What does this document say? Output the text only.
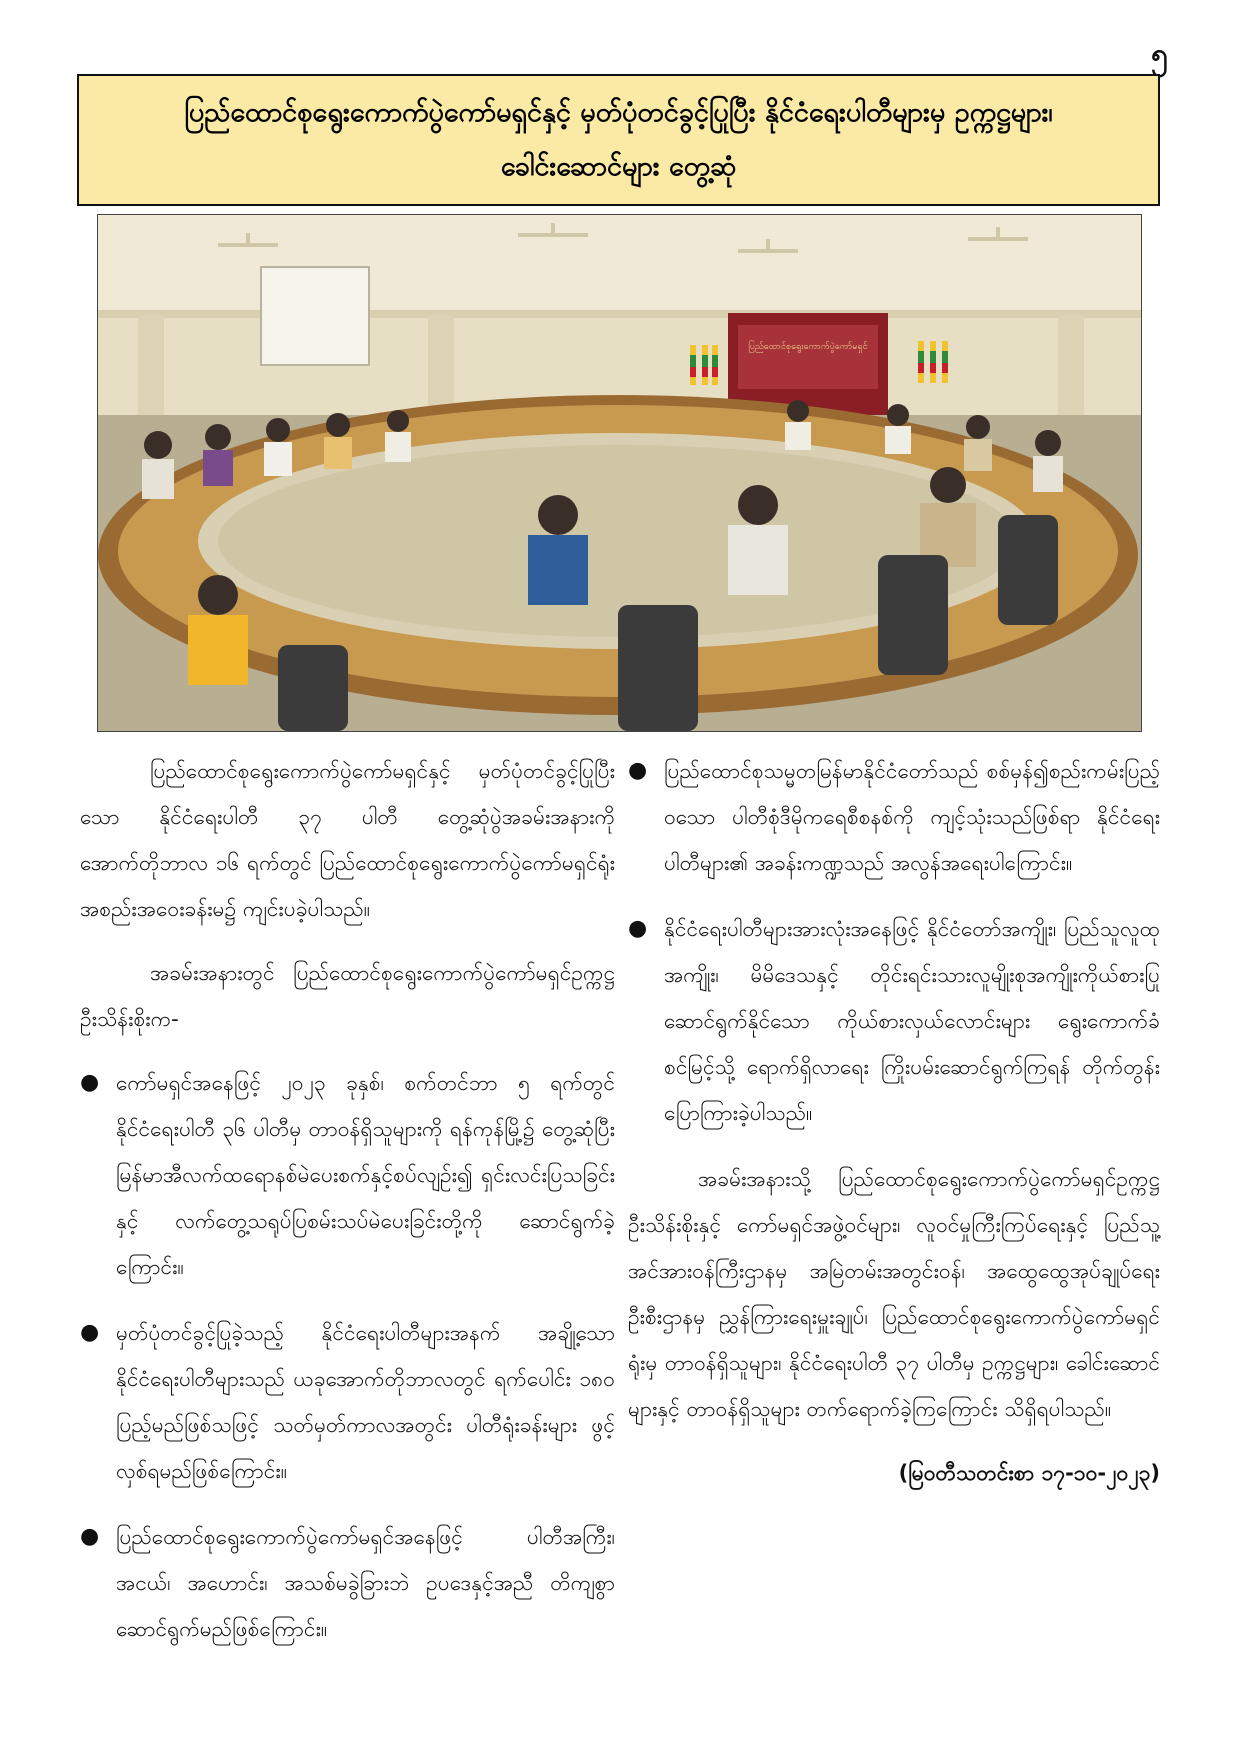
၅
ပြည်ထောင်စုရွေးကောက်ပွဲကော်မရှင်နှင့် မှတ်ပုံတင်ခွင့်ပြုပြီး နိုင်ငံရေးပါတီများမှ ဥက္ကဋ္ဌများ၊
ခေါင်းဆောင်များ တွေ့ဆုံ
ပြည်ထောင်စုရွေးကောက်ပွဲကော်မရှင်

ပြည်ထောင်စုရွေးကောက်ပွဲကော်မရှင်နှင့် မှတ်ပုံတင်ခွင့်ပြုပြီးသော နိုင်ငံရေးပါတီ ၃၇ ပါတီ တွေ့ဆုံပွဲအခမ်းအနားကို အောက်တိုဘာလ ၁၆ ရက်တွင် ပြည်ထောင်စုရွေးကောက်ပွဲကော်မရှင်ရုံး အစည်းအဝေးခန်းမ၌ ကျင်းပခဲ့ပါသည်။

အခမ်းအနားတွင် ပြည်ထောင်စုရွေးကောက်ပွဲကော်မရှင်ဥက္ကဋ္ဌ ဦးသိန်းစိုးက-

● ကော်မရှင်အနေဖြင့် ၂၀၂၃ ခုနှစ်၊ စက်တင်ဘာ ၅ ရက်တွင် နိုင်ငံရေးပါတီ ၃၆ ပါတီမှ တာဝန်ရှိသူများကို ရန်ကုန်မြို့၌ တွေ့ဆုံပြီး မြန်မာအီလက်ထရောနစ်မဲပေးစက်နှင့်စပ်လျဉ်း၍ ရှင်းလင်းပြသခြင်းနှင့် လက်တွေ့သရုပ်ပြစမ်းသပ်မဲပေးခြင်းတို့ကို ဆောင်ရွက်ခဲ့ကြောင်း။
● မှတ်ပုံတင်ခွင့်ပြုခဲ့သည့် နိုင်ငံရေးပါတီများအနက် အချို့သော နိုင်ငံရေးပါတီများသည် ယခုအောက်တိုဘာလတွင် ရက်ပေါင်း ၁၈၀ ပြည့်မည်ဖြစ်သဖြင့် သတ်မှတ်ကာလအတွင်း ပါတီရုံးခန်းများ ဖွင့်လှစ်ရမည်ဖြစ်ကြောင်း။
● ပြည်ထောင်စုရွေးကောက်ပွဲကော်မရှင်အနေဖြင့် ပါတီအကြီး၊ အငယ်၊ အဟောင်း၊ အသစ်မခွဲခြားဘဲ ဥပဒေနှင့်အညီ တိကျစွာ ဆောင်ရွက်မည်ဖြစ်ကြောင်း။
● ပြည်ထောင်စုသမ္မတမြန်မာနိုင်ငံတော်သည် စစ်မှန်၍စည်းကမ်းပြည့်ဝသော ပါတီစုံဒီမိုကရေစီစနစ်ကို ကျင့်သုံးသည်ဖြစ်ရာ နိုင်ငံရေးပါတီများ၏ အခန်းကဏ္ဍသည် အလွန်အရေးပါကြောင်း။
● နိုင်ငံရေးပါတီများအားလုံးအနေဖြင့် နိုင်ငံတော်အကျိုး၊ ပြည်သူလူထုအကျိုး၊ မိမိဒေသနှင့် တိုင်းရင်းသားလူမျိုးစုအကျိုးကိုယ်စားပြုဆောင်ရွက်နိုင်သော ကိုယ်စားလှယ်လောင်းများ ရွေးကောက်ခံစင်မြင့်သို့ ရောက်ရှိလာရေး ကြိုးပမ်းဆောင်ရွက်ကြရန် တိုက်တွန်းပြောကြားခဲ့ပါသည်။

အခမ်းအနားသို့ ပြည်ထောင်စုရွေးကောက်ပွဲကော်မရှင်ဥက္ကဋ္ဌ ဦးသိန်းစိုးနှင့် ကော်မရှင်အဖွဲ့ဝင်များ၊ လူဝင်မှုကြီးကြပ်ရေးနှင့် ပြည်သူ့အင်အားဝန်ကြီးဌာနမှ အမြဲတမ်းအတွင်းဝန်၊ အထွေထွေအုပ်ချုပ်ရေးဦးစီးဌာနမှ ညွှန်ကြားရေးမှူးချုပ်၊ ပြည်ထောင်စုရွေးကောက်ပွဲကော်မရှင်ရုံးမှ တာဝန်ရှိသူများ၊ နိုင်ငံရေးပါတီ ၃၇ ပါတီမှ ဥက္ကဋ္ဌများ၊ ခေါင်းဆောင်များနှင့် တာဝန်ရှိသူများ တက်ရောက်ခဲ့ကြကြောင်း သိရှိရပါသည်။

(မြဝတီသတင်းစာ ၁၇-၁၀-၂၀၂၃)
